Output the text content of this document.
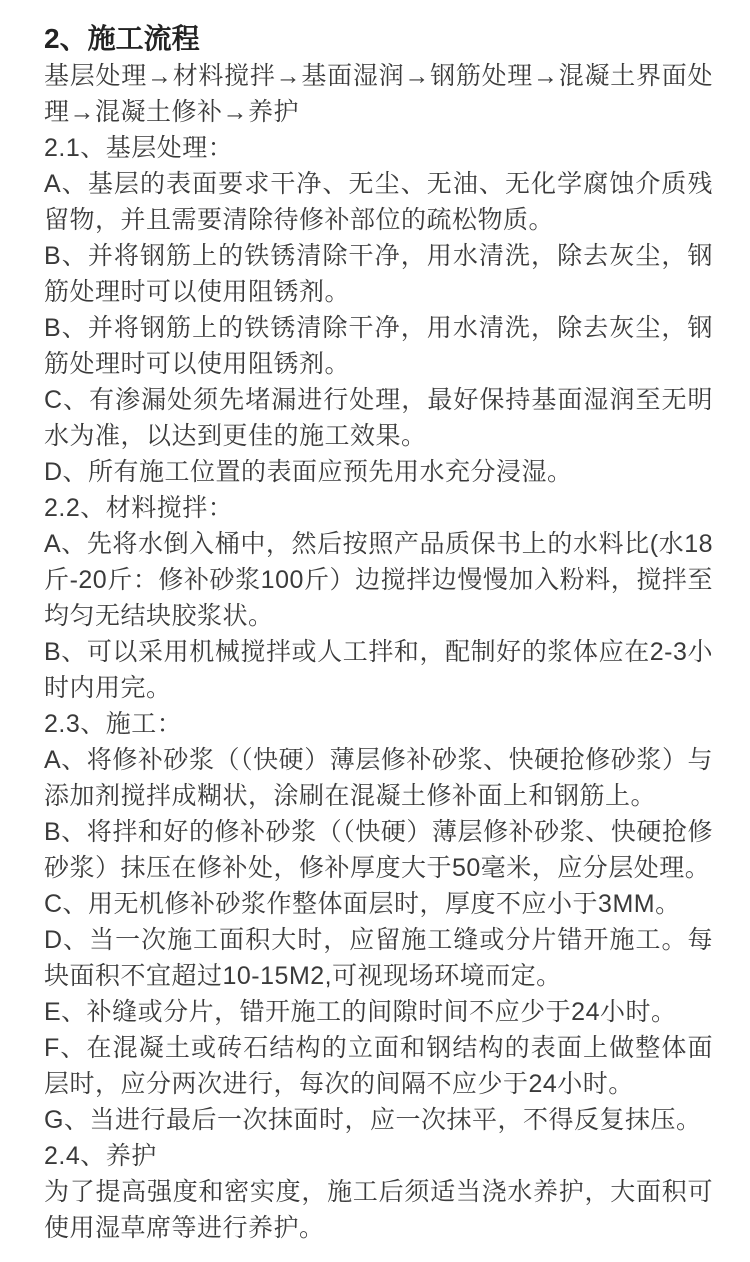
2、施工流程

基层处理→材料搅拌→基面湿润→钢筋处理→混凝土界面处理→混凝土修补→养护

2.1、基层处理：

A、基层的表面要求干净、无尘、无油、无化学腐蚀介质残留物，并且需要清除待修补部位的疏松物质。

B、并将钢筋上的铁锈清除干净，用水清洗，除去灰尘，钢筋处理时可以使用阻锈剂。

B、并将钢筋上的铁锈清除干净，用水清洗，除去灰尘，钢筋处理时可以使用阻锈剂。

C、有渗漏处须先堵漏进行处理，最好保持基面湿润至无明水为准，以达到更佳的施工效果。

D、所有施工位置的表面应预先用水充分浸湿。

2.2、材料搅拌：

A、先将水倒入桶中，然后按照产品质保书上的水料比(水18斤-20斤：修补砂浆100斤）边搅拌边慢慢加入粉料，搅拌至均匀无结块胶浆状。

B、可以采用机械搅拌或人工拌和，配制好的浆体应在2-3小时内用完。

2.3、施工：

A、将修补砂浆（（快硬）薄层修补砂浆、快硬抢修砂浆）与添加剂搅拌成糊状，涂刷在混凝土修补面上和钢筋上。

B、将拌和好的修补砂浆（（快硬）薄层修补砂浆、快硬抢修砂浆）抹压在修补处，修补厚度大于50毫米，应分层处理。

C、用无机修补砂浆作整体面层时，厚度不应小于3MM。

D、当一次施工面积大时，应留施工缝或分片错开施工。每块面积不宜超过10-15M2,可视现场环境而定。

E、补缝或分片，错开施工的间隙时间不应少于24小时。

F、在混凝土或砖石结构的立面和钢结构的表面上做整体面层时，应分两次进行，每次的间隔不应少于24小时。

G、当进行最后一次抹面时，应一次抹平，不得反复抹压。

2.4、养护

为了提高强度和密实度，施工后须适当浇水养护，大面积可使用湿草席等进行养护。
